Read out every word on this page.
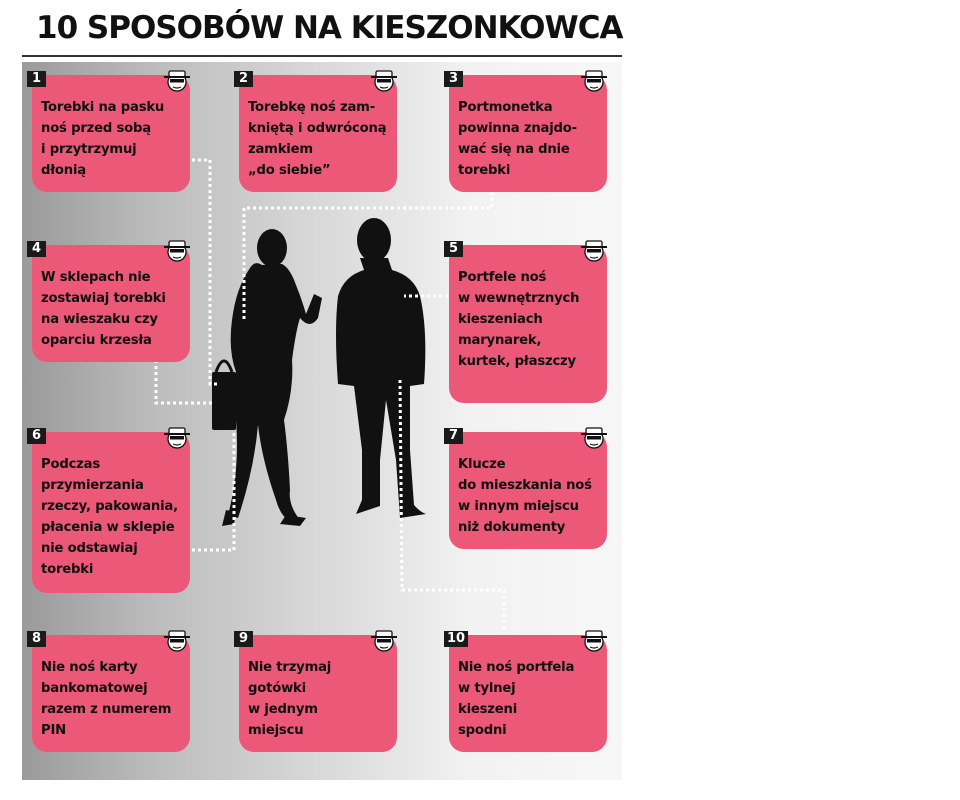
10 SPOSOBÓW NA KIESZONKOWCA
1

Torebki na pasku
noś przed sobą
i przytrzymuj
dłonią

2

Torebkę noś zam-
kniętą i odwróconą
zamkiem
„do siebie”

3

Portmonetka
powinna znajdo-
wać się na dnie
torebki

4

W sklepach nie
zostawiaj torebki
na wieszaku czy
oparciu krzesła

5

Portfele noś
w wewnętrznych
kieszeniach
marynarek,
kurtek, płaszczy

6

Podczas
przymierzania
rzeczy, pakowania,
płacenia w sklepie
nie odstawiaj
torebki

7

Klucze
do mieszkania noś
w innym miejscu
niż dokumenty

8

Nie noś karty
bankomatowej
razem z numerem
PIN

9

Nie trzymaj
gotówki
w jednym
miejscu

10

Nie noś portfela
w tylnej
kieszeni
spodni
